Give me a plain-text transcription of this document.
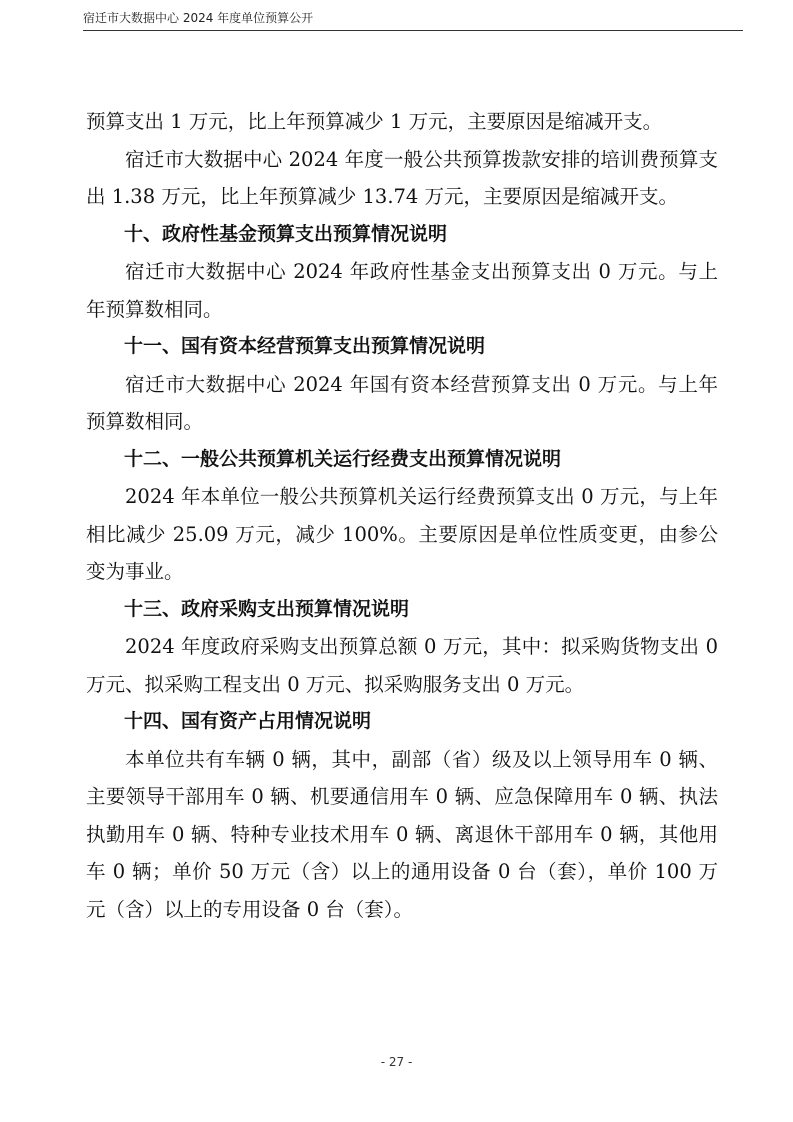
宿迁市大数据中心 2024 年度单位预算公开

预算支出 1 万元，比上年预算减少 1 万元，主要原因是缩减开支。

宿迁市大数据中心 2024 年度一般公共预算拨款安排的培训费预算支出 1.38 万元，比上年预算减少 13.74 万元，主要原因是缩减开支。

十、政府性基金预算支出预算情况说明

宿迁市大数据中心 2024 年政府性基金支出预算支出 0 万元。与上年预算数相同。

十一、国有资本经营预算支出预算情况说明

宿迁市大数据中心 2024 年国有资本经营预算支出 0 万元。与上年预算数相同。

十二、一般公共预算机关运行经费支出预算情况说明

2024 年本单位一般公共预算机关运行经费预算支出 0 万元，与上年相比减少 25.09 万元，减少 100%。主要原因是单位性质变更，由参公变为事业。

十三、政府采购支出预算情况说明

2024 年度政府采购支出预算总额 0 万元，其中：拟采购货物支出 0 万元、拟采购工程支出 0 万元、拟采购服务支出 0 万元。

十四、国有资产占用情况说明

本单位共有车辆 0 辆，其中，副部（省）级及以上领导用车 0 辆、主要领导干部用车 0 辆、机要通信用车 0 辆、应急保障用车 0 辆、执法执勤用车 0 辆、特种专业技术用车 0 辆、离退休干部用车 0 辆，其他用车 0 辆；单价 50 万元（含）以上的通用设备 0 台（套），单价 100 万元（含）以上的专用设备 0 台（套）。

- 27 -
